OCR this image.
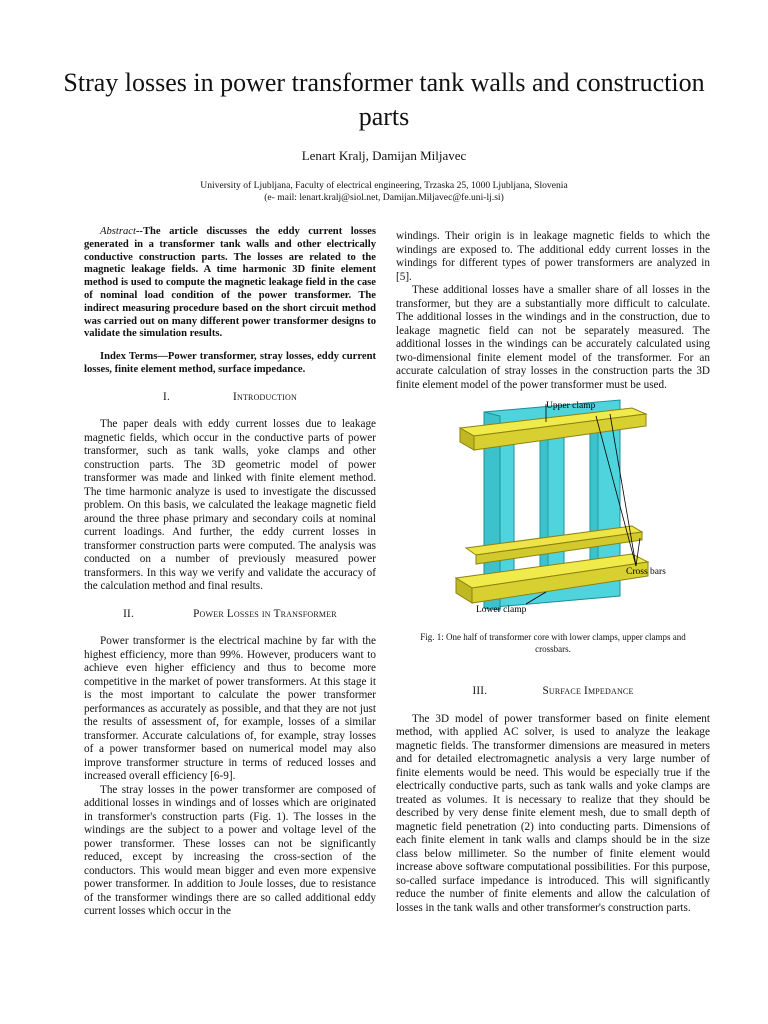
Stray losses in power transformer tank walls and construction parts
Lenart Kralj, Damijan Miljavec
University of Ljubljana, Faculty of electrical engineering, Trzaska 25, 1000 Ljubljana, Slovenia
(e- mail: lenart.kralj@siol.net, Damijan.Miljavec@fe.uni-lj.si)

Abstract--The article discusses the eddy current losses generated in a transformer tank walls and other electrically conductive construction parts. The losses are related to the magnetic leakage fields. A time harmonic 3D finite element method is used to compute the magnetic leakage field in the case of nominal load condition of the power transformer. The indirect measuring procedure based on the short circuit method was carried out on many different power transformer designs to validate the simulation results.

Index Terms—Power transformer, stray losses, eddy current losses, finite element method, surface impedance.

I.	Introduction

The paper deals with eddy current losses due to leakage magnetic fields, which occur in the conductive parts of power transformer, such as tank walls, yoke clamps and other construction parts. The 3D geometric model of power transformer was made and linked with finite element method. The time harmonic analyze is used to investigate the discussed problem. On this basis, we calculated the leakage magnetic field around the three phase primary and secondary coils at nominal current loadings. And further, the eddy current losses in transformer construction parts were computed. The analysis was conducted on a number of previously measured power transformers. In this way we verify and validate the accuracy of the calculation method and final results.

II.	Power Losses in Transformer

Power transformer is the electrical machine by far with the highest efficiency, more than 99%. However, producers want to achieve even higher efficiency and thus to become more competitive in the market of power transformers. At this stage it is the most important to calculate the power transformer performances as accurately as possible, and that they are not just the results of assessment of, for example, losses of a similar transformer. Accurate calculations of, for example, stray losses of a power transformer based on numerical model may also improve transformer structure in terms of reduced losses and increased overall efficiency [6-9].

The stray losses in the power transformer are composed of additional losses in windings and of losses which are originated in transformer's construction parts (Fig. 1). The losses in the windings are the subject to a power and voltage level of the power transformer. These losses can not be significantly reduced, except by increasing the cross-section of the conductors. This would mean bigger and even more expensive power transformer. In addition to Joule losses, due to resistance of the transformer windings there are so called additional eddy current losses which occur in the

windings. Their origin is in leakage magnetic fields to which the windings are exposed to. The additional eddy current losses in the windings for different types of power transformers are analyzed in [5].

These additional losses have a smaller share of all losses in the transformer, but they are a substantially more difficult to calculate. The additional losses in the windings and in the construction, due to leakage magnetic field can not be separately measured. The additional losses in the windings can be accurately calculated using two-dimensional finite element model of the transformer. For an accurate calculation of stray losses in the construction parts the 3D finite element model of the power transformer must be used.

Upper clamp
Cross bars
Lower clamp
Fig. 1: One half of transformer core with lower clamps, upper clamps and crossbars.
III.	Surface Impedance

The 3D model of power transformer based on finite element method, with applied AC solver, is used to analyze the leakage magnetic fields. The transformer dimensions are measured in meters and for detailed electromagnetic analysis a very large number of finite elements would be need. This would be especially true if the electrically conductive parts, such as tank walls and yoke clamps are treated as volumes. It is necessary to realize that they should be described by very dense finite element mesh, due to small depth of magnetic field penetration (2) into conducting parts. Dimensions of each finite element in tank walls and clamps should be in the size class below millimeter. So the number of finite element would increase above software computational possibilities. For this purpose, so-called surface impedance is introduced. This will significantly reduce the number of finite elements and allow the calculation of losses in the tank walls and other transformer's construction parts.
